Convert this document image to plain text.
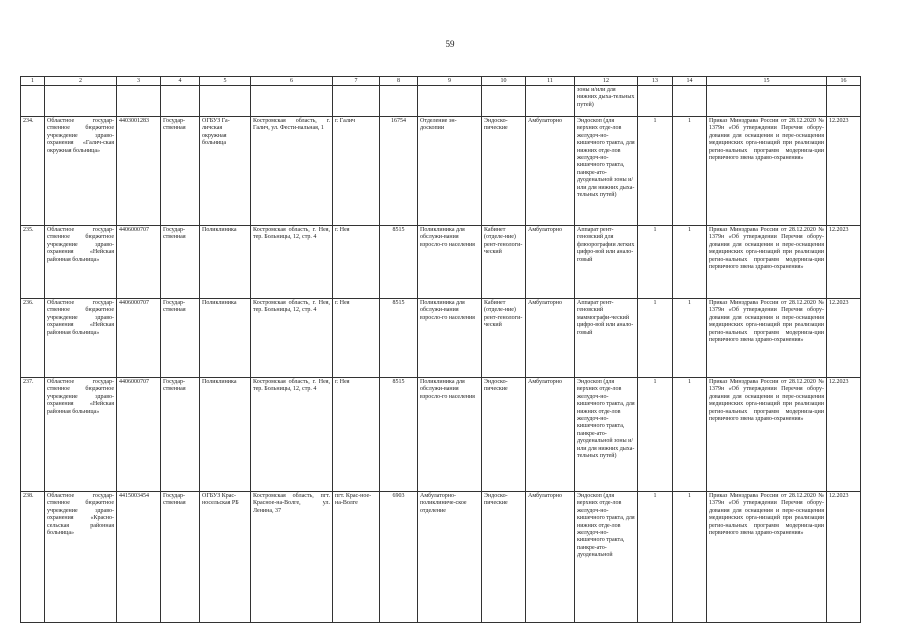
59
1	2	3	4	5	6	7	8	9	10	11	12	13	14	15	16
											зоны и/или для нижних дыха-тельных путей)				
234.	Областное государ-ственное бюджетное учреждение здраво-охранения «Галич-ская окружная больница»	4403001283	Государ-ственная	ОГБУЗ Га-личская окружная больница	Костромская область, г. Галич, ул. Фести-вальная, 1	г. Галич	16754	Отделение эн-доскопии	Эндоско-пические	Амбулаторно	Эндоскоп (для верхних отде-лов желудоч-но-кишечного тракта, для нижних отде-лов желудоч-но-кишечного тракта, панкре-ато-дуоденальной зоны и/или для нижних дыха-тельных путей)	1	1	Приказ Минздрава России от 28.12.2020 № 1379н «Об утверждении Перечня обору-дования для оснащения и пере-оснащения медицинских орга-низаций при реализации регио-нальных программ модерниза-ции первичного звена здраво-охранения»	12.2023
235.	Областное государ-ственное бюджетное учреждение здраво-охранения «Нейская районная больница»	4406000707	Государ-ственная	Поликлиника	Костромская область, г. Нея, тер. Больницы, 12, стр. 4	г. Нея	8515	Поликлиника для обслужи-вания взросло-го населения	Кабинет (отделе-ние) рент-генологи-ческий	Амбулаторно	Аппарат рент-геновский для флюорографии легких цифро-вой или анало-говый	1	1	Приказ Минздрава России от 28.12.2020 № 1379н «Об утверждении Перечня обору-дования для оснащения и пере-оснащения медицинских орга-низаций при реализации регио-нальных программ модерниза-ции первичного звена здраво-охранения»	12.2023
236.	Областное государ-ственное бюджетное учреждение здраво-охранения «Нейская районная больница»	4406000707	Государ-ственная	Поликлиника	Костромская область, г. Нея, тер. Больницы, 12, стр. 4	г. Нея	8515	Поликлиника для обслужи-вания взросло-го населения	Кабинет (отделе-ние) рент-генологи-ческий	Амбулаторно	Аппарат рент-геновский маммографи-ческий цифро-вой или анало-говый	1	1	Приказ Минздрава России от 28.12.2020 № 1379н «Об утверждении Перечня обору-дования для оснащения и пере-оснащения медицинских орга-низаций при реализации регио-нальных программ модерниза-ции первичного звена здраво-охранения»	12.2023
237.	Областное государ-ственное бюджетное учреждение здраво-охранения «Нейская районная больница»	4406000707	Государ-ственная	Поликлиника	Костромская область, г. Нея, тер. Больницы, 12, стр. 4	г. Нея	8515	Поликлиника для обслужи-вания взросло-го населения	Эндоско-пические	Амбулаторно	Эндоскоп (для верхних отде-лов желудоч-но-кишечного тракта, для нижних отде-лов желудоч-но-кишечного тракта, панкре-ато-дуоденальной зоны и/или для нижних дыха-тельных путей)	1	1	Приказ Минздрава России от 28.12.2020 № 1379н «Об утверждении Перечня обору-дования для оснащения и пере-оснащения медицинских орга-низаций при реализации регио-нальных программ модерниза-ции первичного звена здраво-охранения»	12.2023
238.	Областное государ-ственное бюджетное учреждение здраво-охранения «Красно-сельская районная больница»	4415003454	Государ-ственная	ОГБУЗ Крас-носельская РБ	Костромская область, пгт. Красное-на-Волге, ул. Ленина, 37	пгт. Крас-ное-на-Волге	6903	Амбулаторно-поликлиниче-ское отделение	Эндоско-пические	Амбулаторно	Эндоскоп (для верхних отде-лов желудоч-но-кишечного тракта, для нижних отде-лов желудоч-но-кишечного тракта, панкре-ато-дуоденальной	1	1	Приказ Минздрава России от 28.12.2020 № 1379н «Об утверждении Перечня обору-дования для оснащения и пере-оснащения медицинских орга-низаций при реализации регио-нальных программ модерниза-ции первичного звена здраво-охранения»	12.2023
